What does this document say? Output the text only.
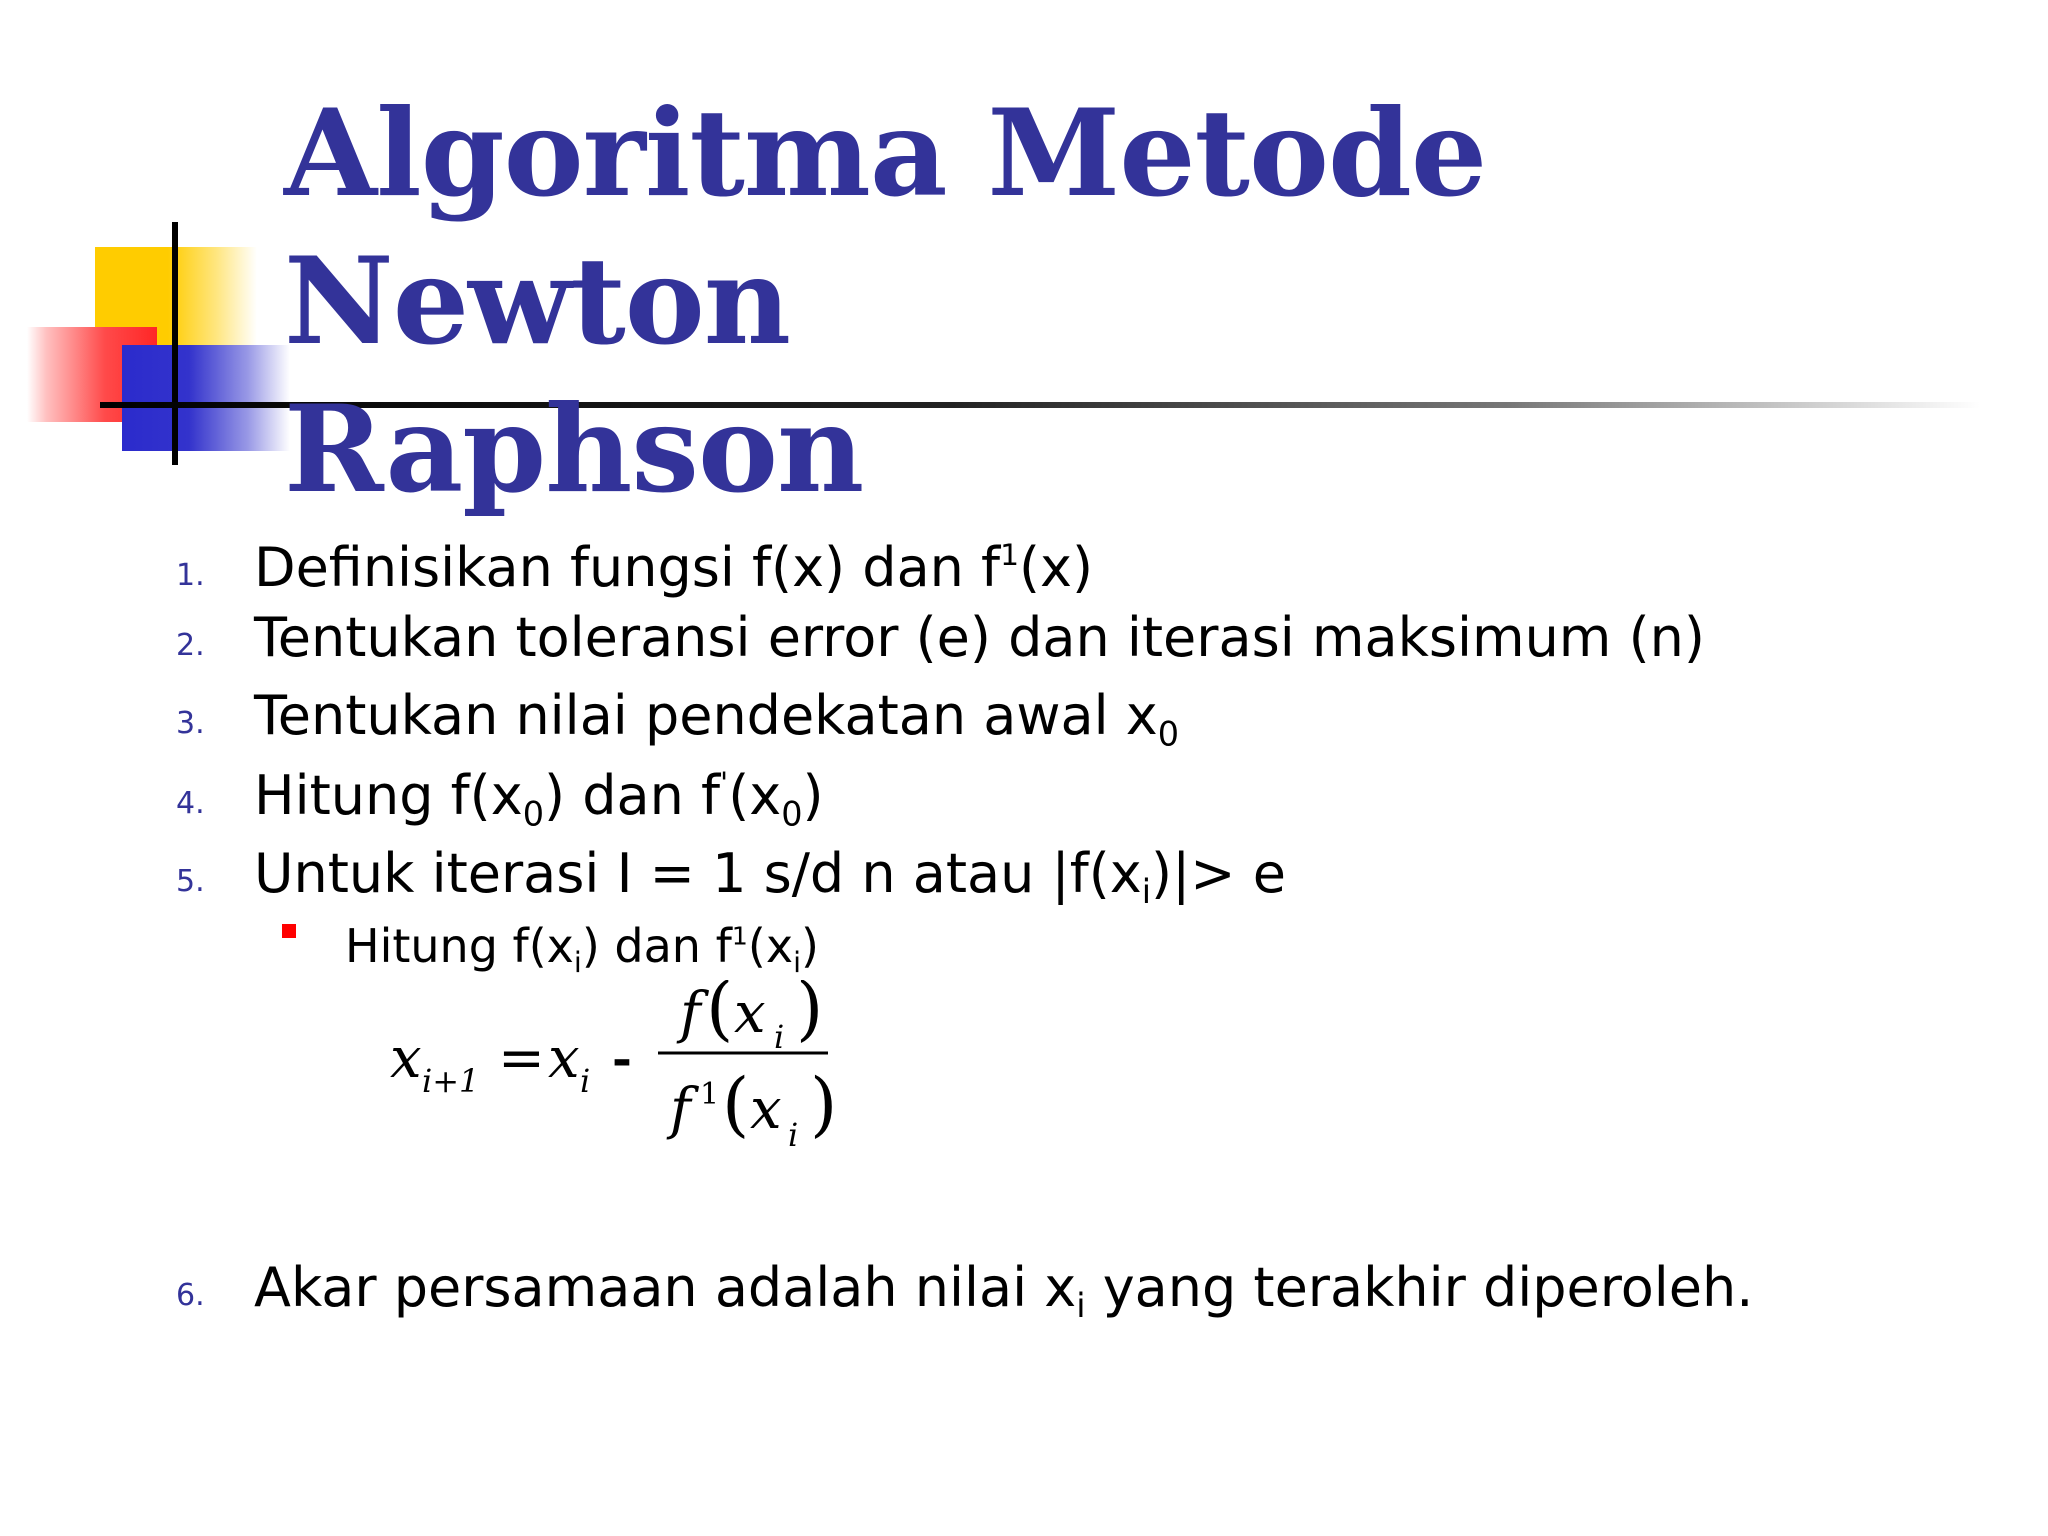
Algoritma Metode Newton
Raphson
1. Definisikan fungsi f(x) dan $f^1(x)$
2. Tentukan toleransi error (e) dan iterasi maksimum (n)
3. Tentukan nilai pendekatan awal $x_0$
4. Hitung $f(x_0)$ dan $f'(x_0)$
5. Untuk iterasi I = 1 s/d n atau $|f(x_i)|> e$
Hitung $f(x_i)$ dan $f^1(x_i)$
x i+1 = x i -
f ( x i )
f 1 ( x i )
6. Akar persamaan adalah nilai $x_i$ yang terakhir diperoleh.
